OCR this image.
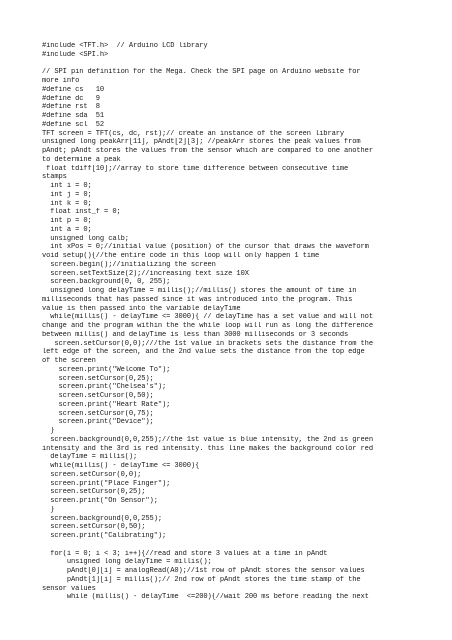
#include <TFT.h>  // Arduino LCD library
#include <SPI.h>
// SPI pin definition for the Mega. Check the SPI page on Arduino website for
more info
#define cs   10
#define dc   9
#define rst  8
#define sda  51
#define scl  52
TFT screen = TFT(cs, dc, rst);// create an instance of the screen library
unsigned long peakArr[11], pAndt[2][3]; //peakArr stores the peak values from
pAndt; pAndt stores the values from the sensor which are compared to one another
to determine a peak
float tdiff[10];//array to store time difference between consecutive time
stamps
int i = 0;
int j = 0;
int k = 0;
float inst_f = 0;
int p = 0;
int a = 0;
unsigned long calb;
int xPos = 0;//initial value (position) of the cursor that draws the waveform
void setup(){//the entire code in this loop will only happen 1 time
screen.begin();//initializing the screen
screen.setTextSize(2);//increasing text size 10X
screen.background(0, 0, 255);
unsigned long delayTime = millis();//millis() stores the amount of time in
milliseconds that has passed since it was introduced into the program. This
value is then passed into the variable delayTime
while(millis() - delayTime <= 3000){ // delayTime has a set value and will not
change and the program within the the while loop will run as long the difference
between millis() and delayTime is less than 3000 milliseconds or 3 seconds
screen.setCursor(0,0);///the 1st value in brackets sets the distance from the
left edge of the screen, and the 2nd value sets the distance from the top edge
of the screen
screen.print("Welcome To");
screen.setCursor(0,25);
screen.print("Chelsea's");
screen.setCursor(0,50);
screen.print("Heart Rate");
screen.setCursor(0,75);
screen.print("Device");
}
screen.background(0,0,255);//the 1st value is blue intensity, the 2nd is green
intensity and the 3rd is red intensity. this line makes the background color red
delayTime = millis();
while(millis() - delayTime <= 3000){
screen.setCursor(0,0);
screen.print("Place Finger");
screen.setCursor(0,25);
screen.print("On Sensor");
}
screen.background(0,0,255);
screen.setCursor(0,50);
screen.print("Calibrating");
for(i = 0; i < 3; i++){//read and store 3 values at a time in pAndt
unsigned long delayTime = millis();
pAndt[0][i] = analogRead(A0);//1st row of pAndt stores the sensor values
pAndt[1][i] = millis();// 2nd row of pAndt stores the time stamp of the
sensor values
while (millis() - delayTime  <=200){//wait 200 ms before reading the next
